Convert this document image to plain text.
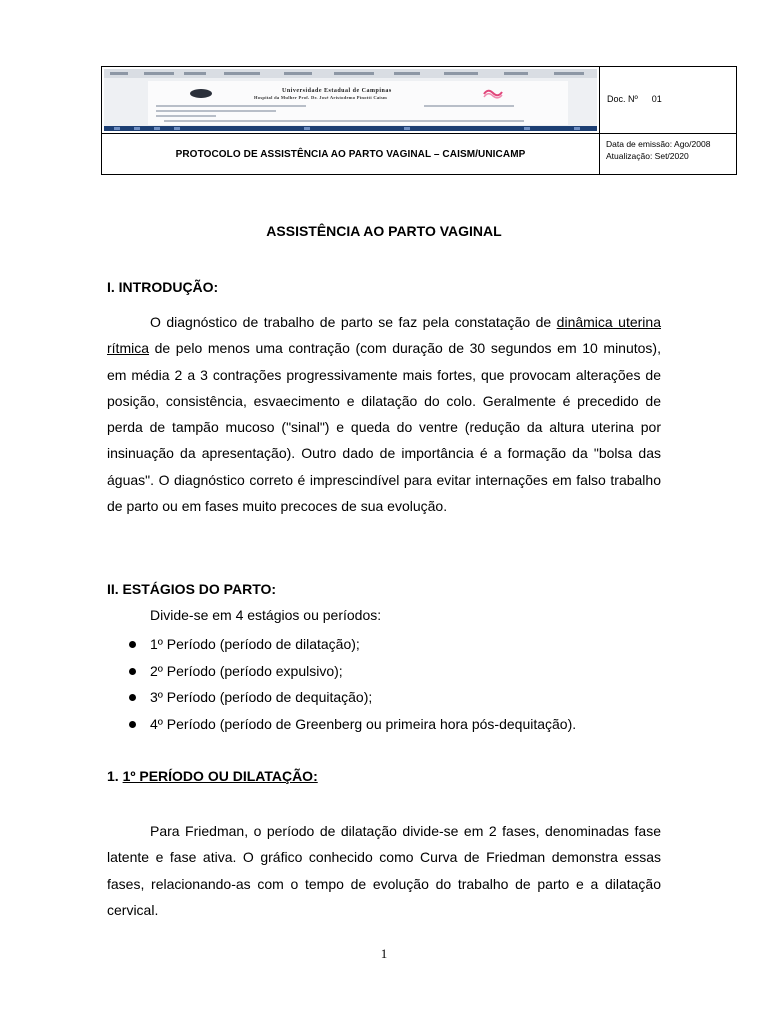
Universidade Estadual de Campinas
Hospital da Mulher Prof. Dr. José Aristodemo Pinotti Caism	Doc. Nº 01
PROTOCOLO DE ASSISTÊNCIA AO PARTO VAGINAL – CAISM/UNICAMP
Data de emissão: Ago/2008
Atualização: Set/2020
ASSISTÊNCIA AO PARTO VAGINAL
I. INTRODUÇÃO:
O diagnóstico de trabalho de parto se faz pela constatação de dinâmica uterina rítmica de pelo menos uma contração (com duração de 30 segundos em 10 minutos), em média 2 a 3 contrações progressivamente mais fortes, que provocam alterações de posição, consistência, esvaecimento e dilatação do colo. Geralmente é precedido de perda de tampão mucoso ("sinal") e queda do ventre (redução da altura uterina por insinuação da apresentação). Outro dado de importância é a formação da "bolsa das águas". O diagnóstico correto é imprescindível para evitar internações em falso trabalho de parto ou em fases muito precoces de sua evolução.
II. ESTÁGIOS DO PARTO:
Divide-se em 4 estágios ou períodos:
1º Período (período de dilatação);
2º Período (período expulsivo);
3º Período (período de dequitação);
4º Período (período de Greenberg ou primeira hora pós-dequitação).
1. 1º PERÍODO OU DILATAÇÃO:
Para Friedman, o período de dilatação divide-se em 2 fases, denominadas fase latente e fase ativa. O gráfico conhecido como Curva de Friedman demonstra essas fases, relacionando-as com o tempo de evolução do trabalho de parto e a dilatação cervical.
1
